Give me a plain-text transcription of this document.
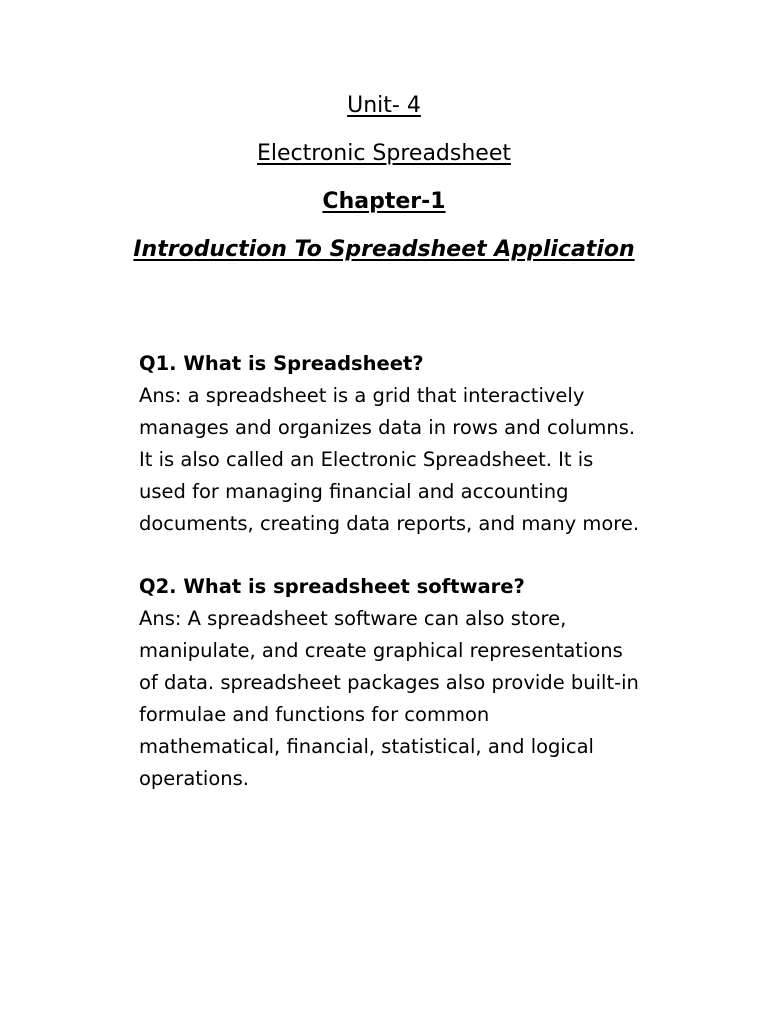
Unit- 4
Electronic Spreadsheet
Chapter-1
Introduction To Spreadsheet Application
Q1. What is Spreadsheet?
Ans: a spreadsheet is a grid that interactively
manages and organizes data in rows and columns.
It is also called an Electronic Spreadsheet. It is
used for managing financial and accounting
documents, creating data reports, and many more.
Q2. What is spreadsheet software?
Ans: A spreadsheet software can also store,
manipulate, and create graphical representations
of data. spreadsheet packages also provide built-in
formulae and functions for common
mathematical, financial, statistical, and logical
operations.
